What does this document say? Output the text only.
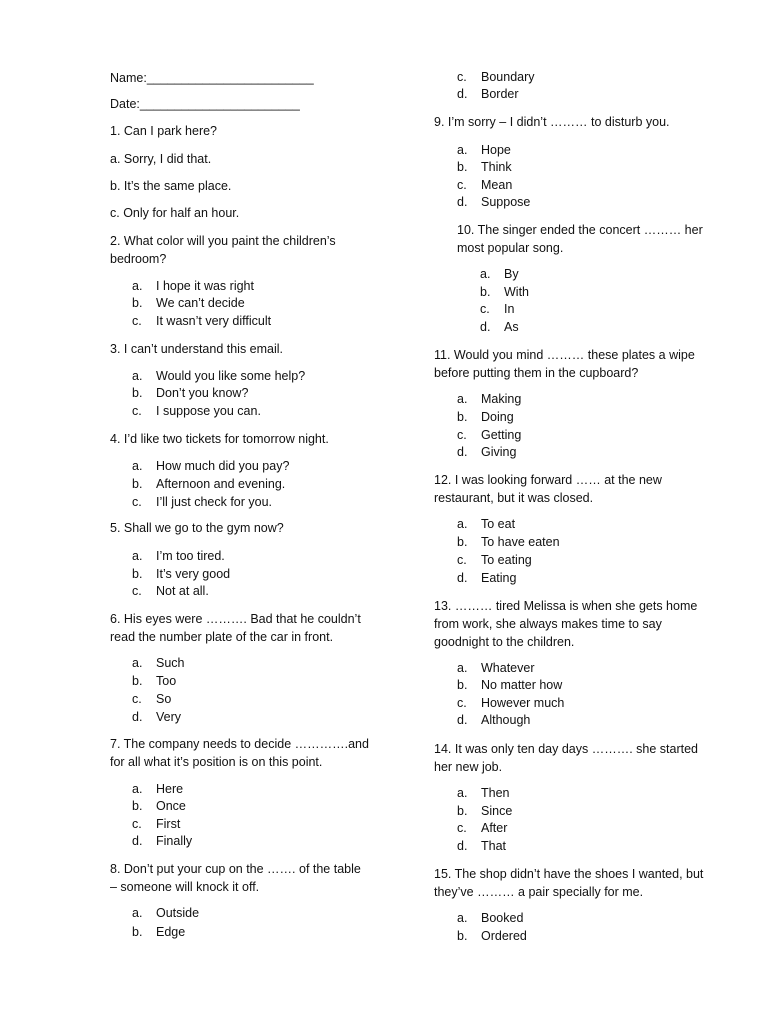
Name:________________________
Date:_______________________
1. Can I park here?
a. Sorry, I did that.
b. It’s the same place.
c. Only for half an hour.
2. What color will you paint the children’s bedroom?
a. I hope it was right
b. We can’t decide
c. It wasn’t very difficult
3. I can’t understand this email.
a. Would you like some help?
b. Don’t you know?
c. I suppose you can.
4. I’d like two tickets for tomorrow night.
a. How much did you pay?
b. Afternoon and evening.
c. I’ll just check for you.
5. Shall we go to the gym now?
a. I’m too tired.
b. It’s very good
c. Not at all.
6. His eyes were ………. Bad that he couldn’t read the number plate of the car in front.
a. Such
b. Too
c. So
d. Very
7. The company needs to decide ………….and for all what it’s position is on this point.
a. Here
b. Once
c. First
d. Finally
8. Don’t put your cup on the ……. of the table – someone will knock it off.
a. Outside
b. Edge
c. Boundary
d. Border
9. I’m sorry – I didn’t ……… to disturb you.
a. Hope
b. Think
c. Mean
d. Suppose
10. The singer ended the concert ……… her most popular song.
a. By
b. With
c. In
d. As
11. Would you mind ……… these plates a wipe before putting them in the cupboard?
a. Making
b. Doing
c. Getting
d. Giving
12. I was looking forward …… at the new restaurant, but it was closed.
a. To eat
b. To have eaten
c. To eating
d. Eating
13. ……… tired Melissa is when she gets home from work, she always makes time to say goodnight to the children.
a. Whatever
b. No matter how
c. However much
d. Although
14. It was only ten day days ………. she started her new job.
a. Then
b. Since
c. After
d. That
15. The shop didn’t have the shoes I wanted, but they’ve ……… a pair specially for me.
a. Booked
b. Ordered
